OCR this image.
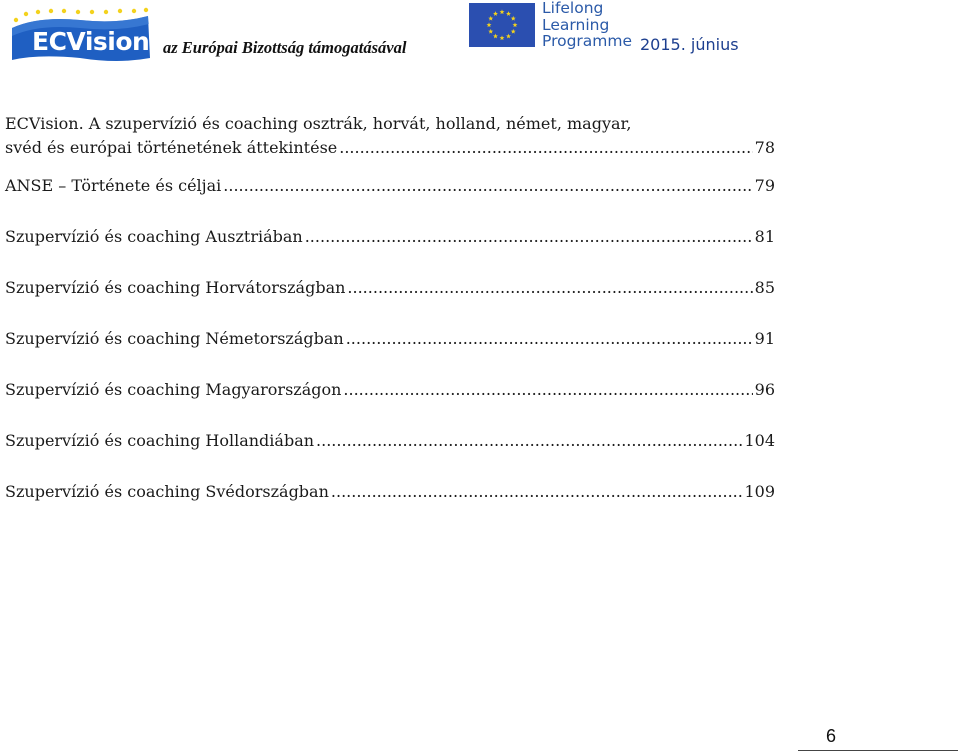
ECVision az Európai Bizottság támogatásával
Lifelong
Learning
Programme 2015. június
ECVision. A szupervízió és coaching osztrák, horvát, holland, német, magyar,
svéd és európai történetének áttekintése .....	78
ANSE – Története és céljai .....	79
Szupervízió és coaching Ausztriában .....	81
Szupervízió és coaching Horvátországban .....	85
Szupervízió és coaching Németországban .....	91
Szupervízió és coaching Magyarországon .....	96
Szupervízió és coaching Hollandiában .....	104
Szupervízió és coaching Svédországban .....	109
6
